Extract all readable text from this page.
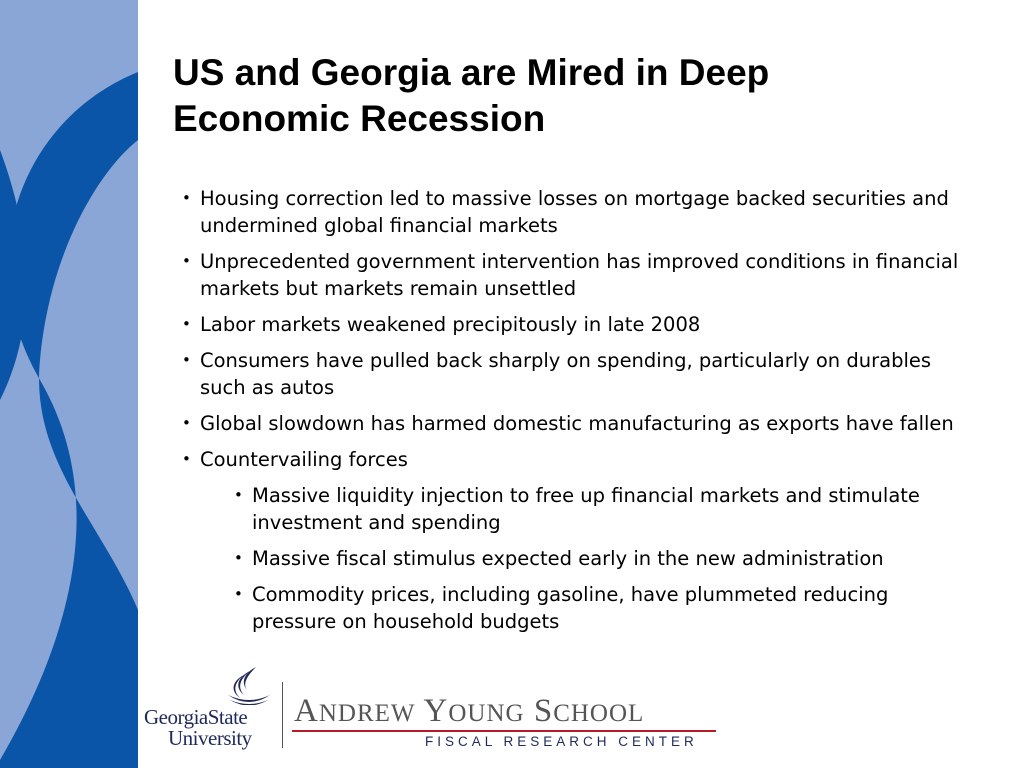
US and Georgia are Mired in Deep
Economic Recession
• Housing correction led to massive losses on mortgage backed securities and undermined global financial markets
• Unprecedented government intervention has improved conditions in financial markets but markets remain unsettled
• Labor markets weakened precipitously in late 2008
• Consumers have pulled back sharply on spending, particularly on durables such as autos
• Global slowdown has harmed domestic manufacturing as exports have fallen
• Countervailing forces
• Massive liquidity injection to free up financial markets and stimulate investment and spending
• Massive fiscal stimulus expected early in the new administration
• Commodity prices, including gasoline, have plummeted reducing pressure on household budgets
GeorgiaState
University
ANDREW YOUNG SCHOOL
FISCAL RESEARCH CENTER
